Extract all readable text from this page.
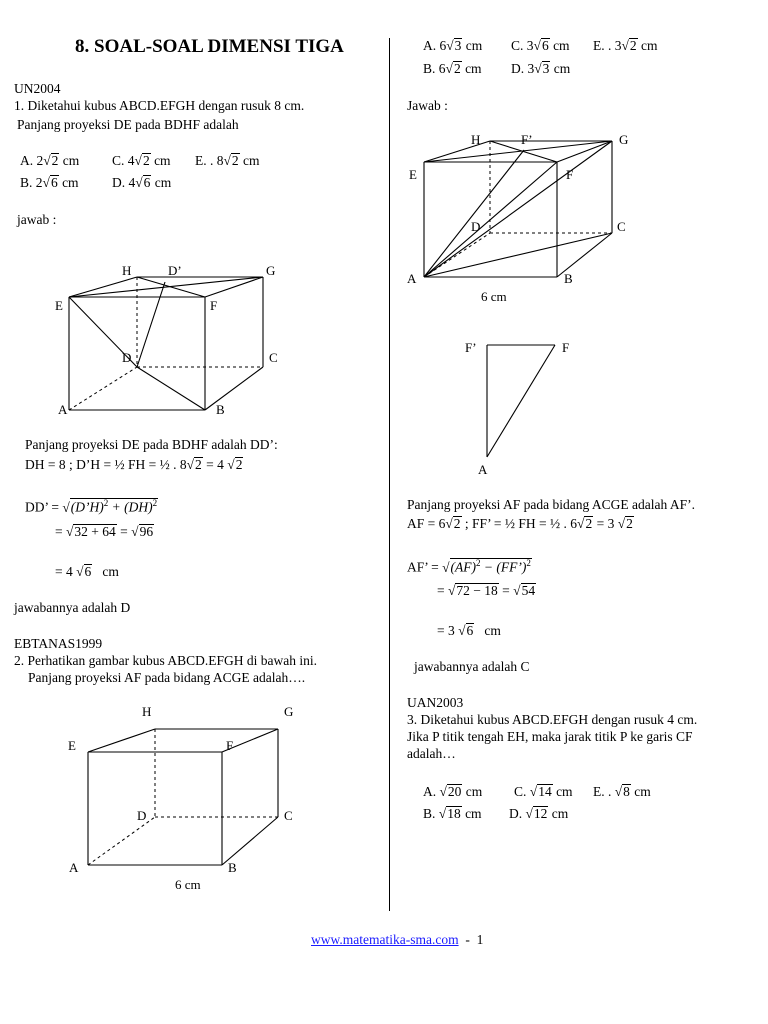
8. SOAL-SOAL DIMENSI TIGA
UN2004
1. Diketahui kubus ABCD.EFGH dengan rusuk 8 cm.
Panjang proyeksi DE pada BDHF adalah
A. 2√2 cm C. 4√2 cm E. . 8√2 cm
B. 2√6 cm D. 4√6 cm
jawab :
H	D’	G
E	F
D	C
A	B
Panjang proyeksi DE pada BDHF adalah DD’:
DH = 8 ; D’H = ½ FH = ½ . 8√2 = 4 √2
DD’ = √(D’H)$^2$ + (DH)$^2$
= √32 + 64 = √96
= 4 √6 cm
jawabannya adalah D
EBTANAS1999
2. Perhatikan gambar kubus ABCD.EFGH di bawah ini.
Panjang proyeksi AF pada bidang ACGE adalah….
H	G
E	F
D	C
A	B
6 cm
A. 6√3 cm C. 3√6 cm E. . 3√2 cm
B. 6√2 cm D. 3√3 cm
Jawab :
H	F’	G
E	F
D	C
A	B
6 cm
F’	F
A
Panjang proyeksi AF pada bidang ACGE adalah AF’.
AF = 6√2 ; FF’ = ½ FH = ½ . 6√2 = 3 √2
AF’ = √(AF)$^2$ − (FF’)$^2$
= √72 − 18 = √54
= 3 √6 cm
jawabannya adalah C
UAN2003
3. Diketahui kubus ABCD.EFGH dengan rusuk 4 cm.
Jika P titik tengah EH, maka jarak titik P ke garis CF
adalah…
A. √20 cm C. √14 cm E. . √8 cm
B. √18 cm D. √12 cm
www.matematika-sma.com - 1
